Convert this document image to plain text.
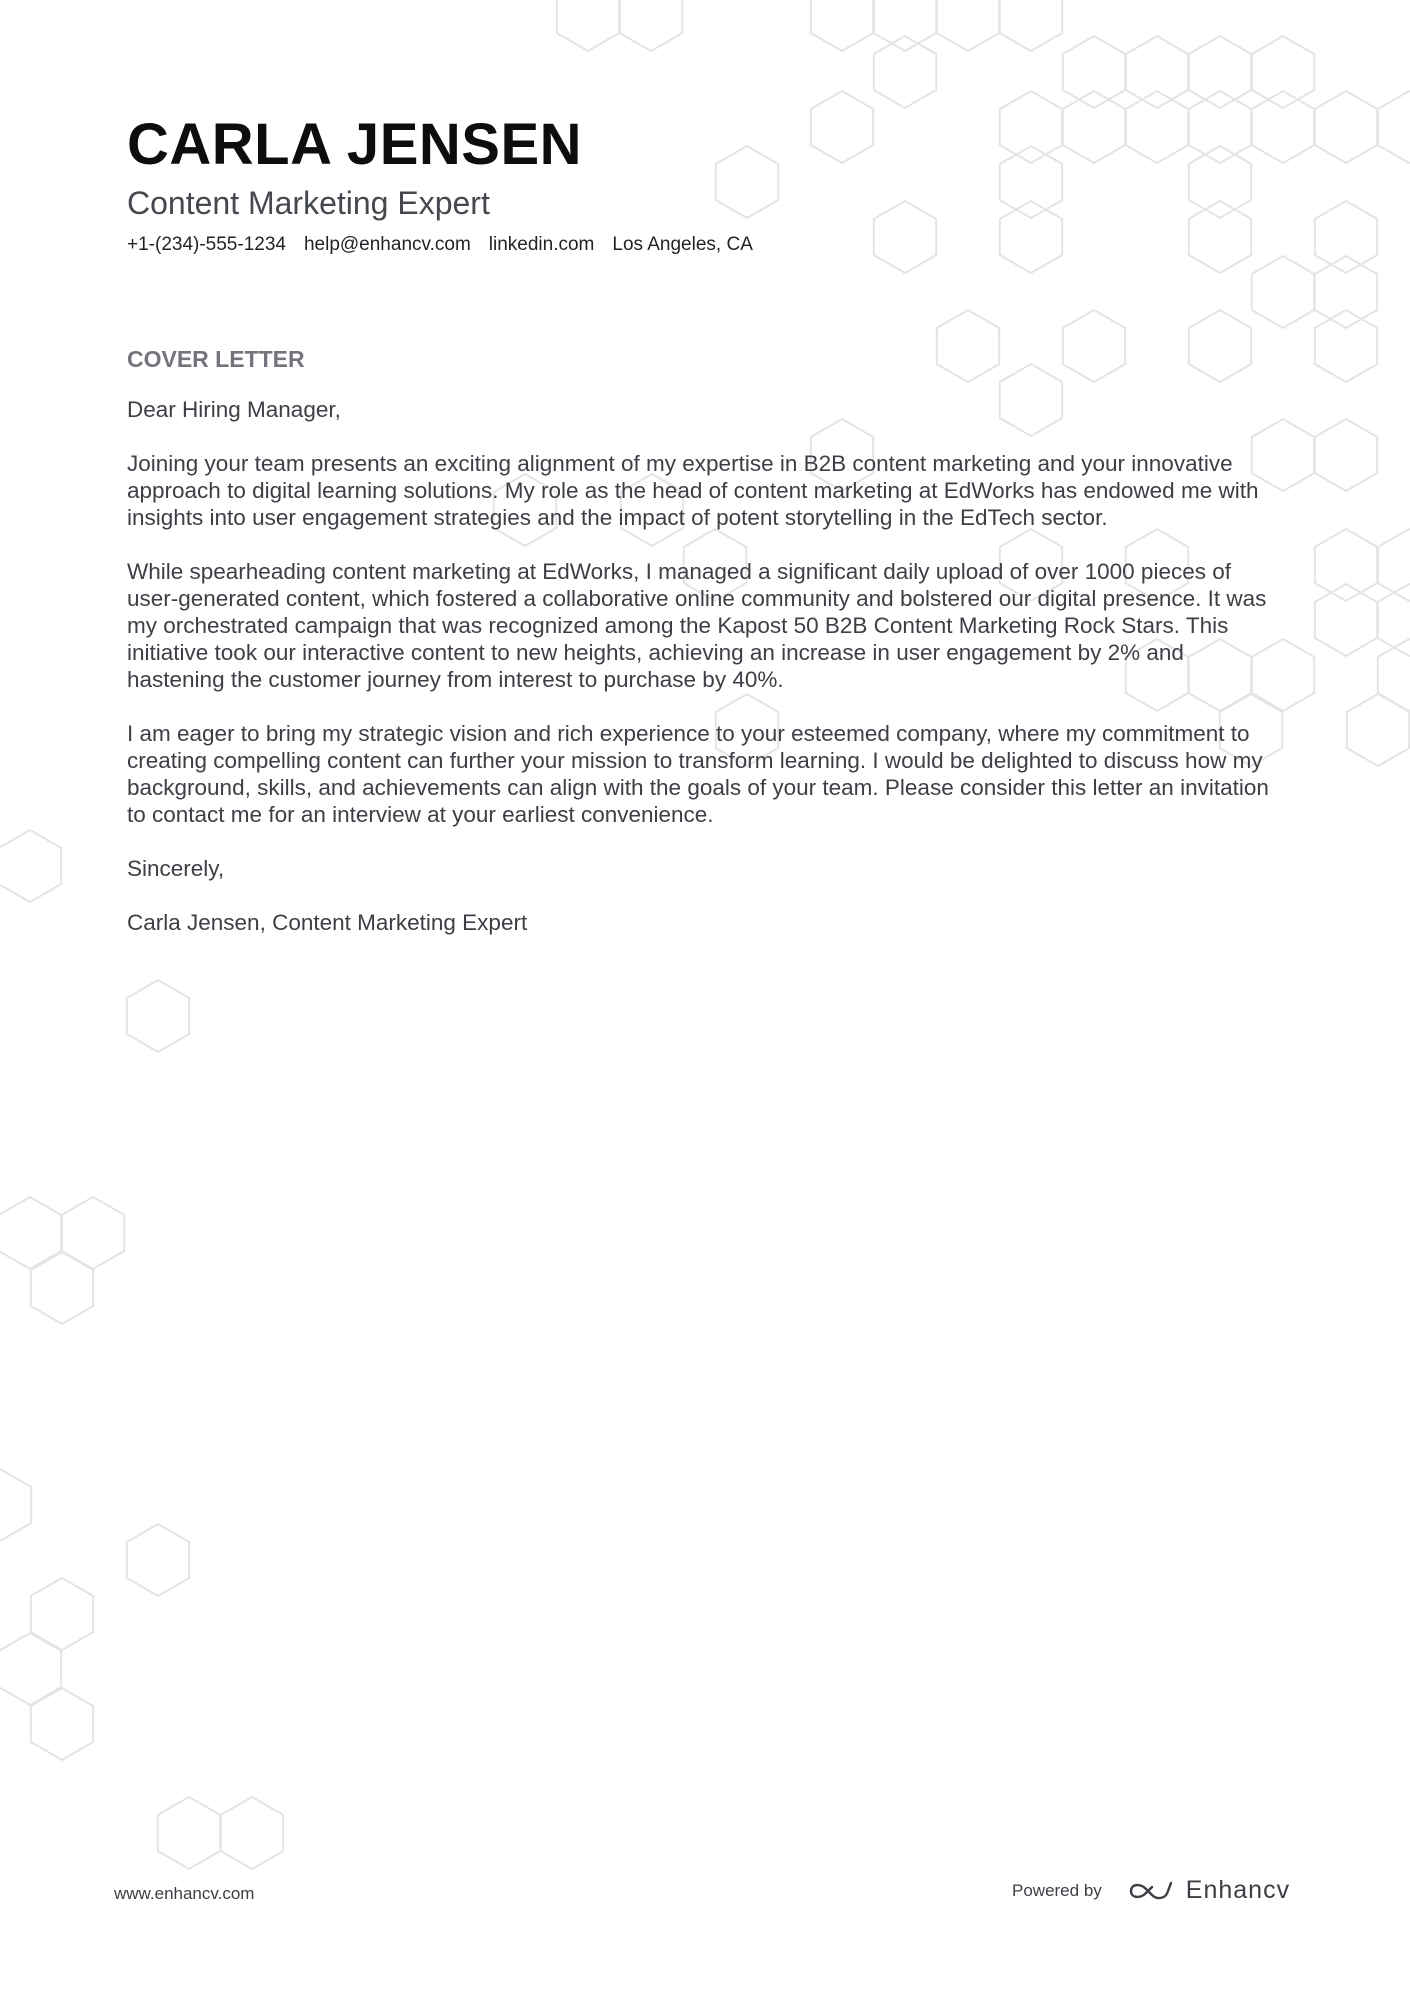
CARLA JENSEN
Content Marketing Expert
+1-(234)-555-1234 help@enhancv.com linkedin.com Los Angeles, CA
COVER LETTER

Dear Hiring Manager,

Joining your team presents an exciting alignment of my expertise in B2B content marketing and your innovative approach to digital learning solutions. My role as the head of content marketing at EdWorks has endowed me with insights into user engagement strategies and the impact of potent storytelling in the EdTech sector.

While spearheading content marketing at EdWorks, I managed a significant daily upload of over 1000 pieces of user-generated content, which fostered a collaborative online community and bolstered our digital presence. It was my orchestrated campaign that was recognized among the Kapost 50 B2B Content Marketing Rock Stars. This initiative took our interactive content to new heights, achieving an increase in user engagement by 2% and hastening the customer journey from interest to purchase by 40%.

I am eager to bring my strategic vision and rich experience to your esteemed company, where my commitment to creating compelling content can further your mission to transform learning. I would be delighted to discuss how my background, skills, and achievements can align with the goals of your team. Please consider this letter an invitation to contact me for an interview at your earliest convenience.

Sincerely,

Carla Jensen, Content Marketing Expert

www.enhancv.com	Powered by	Enhancv
